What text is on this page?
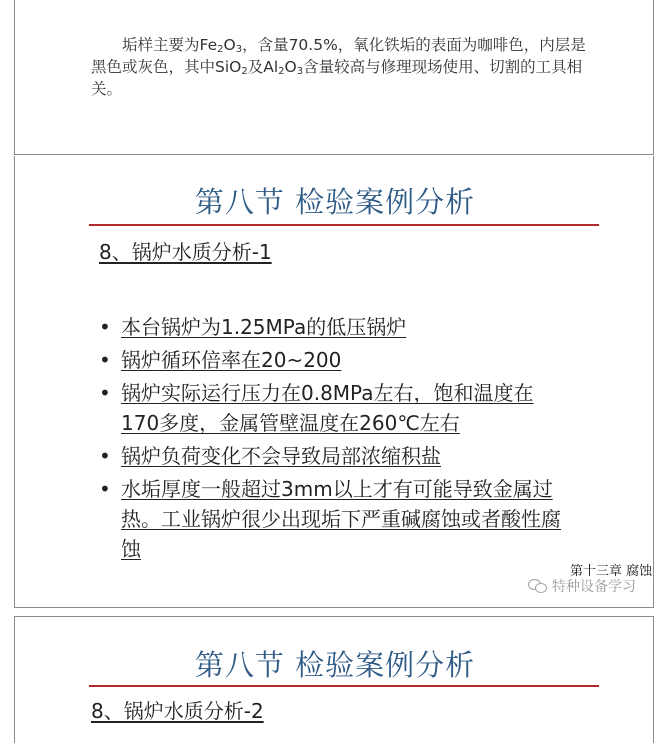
垢样主要为$Fe_2O_3$，含量70.5%，氧化铁垢的表面为咖啡色，内层是黑色或灰色，其中SiO$_2$及$Al_2O_3$含量较高与修理现场使用、切割的工具相关。
第八节 检验案例分析
8、锅炉水质分析-1
• 本台锅炉为1.25MPa的低压锅炉
• 锅炉循环倍率在20~200
• 锅炉实际运行压力在0.8MPa左右，饱和温度在170多度，金属管壁温度在260℃左右
• 锅炉负荷变化不会导致局部浓缩积盐
• 水垢厚度一般超过3mm以上才有可能导致金属过热。工业锅炉很少出现垢下严重碱腐蚀或者酸性腐蚀
第十三章 腐蚀
特种设备学习
第八节 检验案例分析
8、锅炉水质分析-2
